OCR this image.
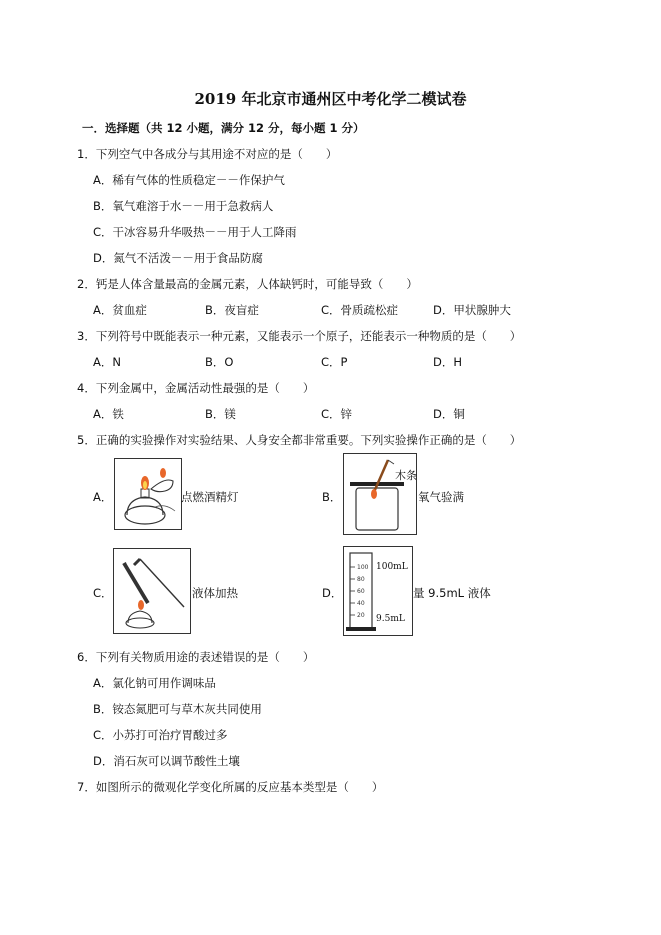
2019 年北京市通州区中考化学二模试卷
一．选择题（共 12 小题，满分 12 分，每小题 1 分）
1．下列空气中各成分与其用途不对应的是（　　）
A．稀有气体的性质稳定－－作保护气
B．氧气难溶于水－－用于急救病人
C．干冰容易升华吸热－－用于人工降雨
D．氮气不活泼－－用于食品防腐
2．钙是人体含量最高的金属元素，人体缺钙时，可能导致（　　）
A．贫血症	B．夜盲症	C．骨质疏松症	D．甲状腺肿大
3．下列符号中既能表示一种元素，又能表示一个原子，还能表示一种物质的是（　　）
A．N	B．O	C．P	D．H
4．下列金属中，金属活动性最强的是（　　）
A．铁	B．镁	C．锌	D．铜
5．正确的实验操作对实验结果、人身安全都非常重要。下列实验操作正确的是（　　）
A．	点燃酒精灯	B．
木条
氧气验满
C．	液体加热	D．
100
80
60
40
20
100mL
9.5mL
量 9.5mL 液体
6．下列有关物质用途的表述错误的是（　　）
A．氯化钠可用作调味品
B．铵态氮肥可与草木灰共同使用
C．小苏打可治疗胃酸过多
D．消石灰可以调节酸性土壤
7．如图所示的微观化学变化所属的反应基本类型是（　　）
